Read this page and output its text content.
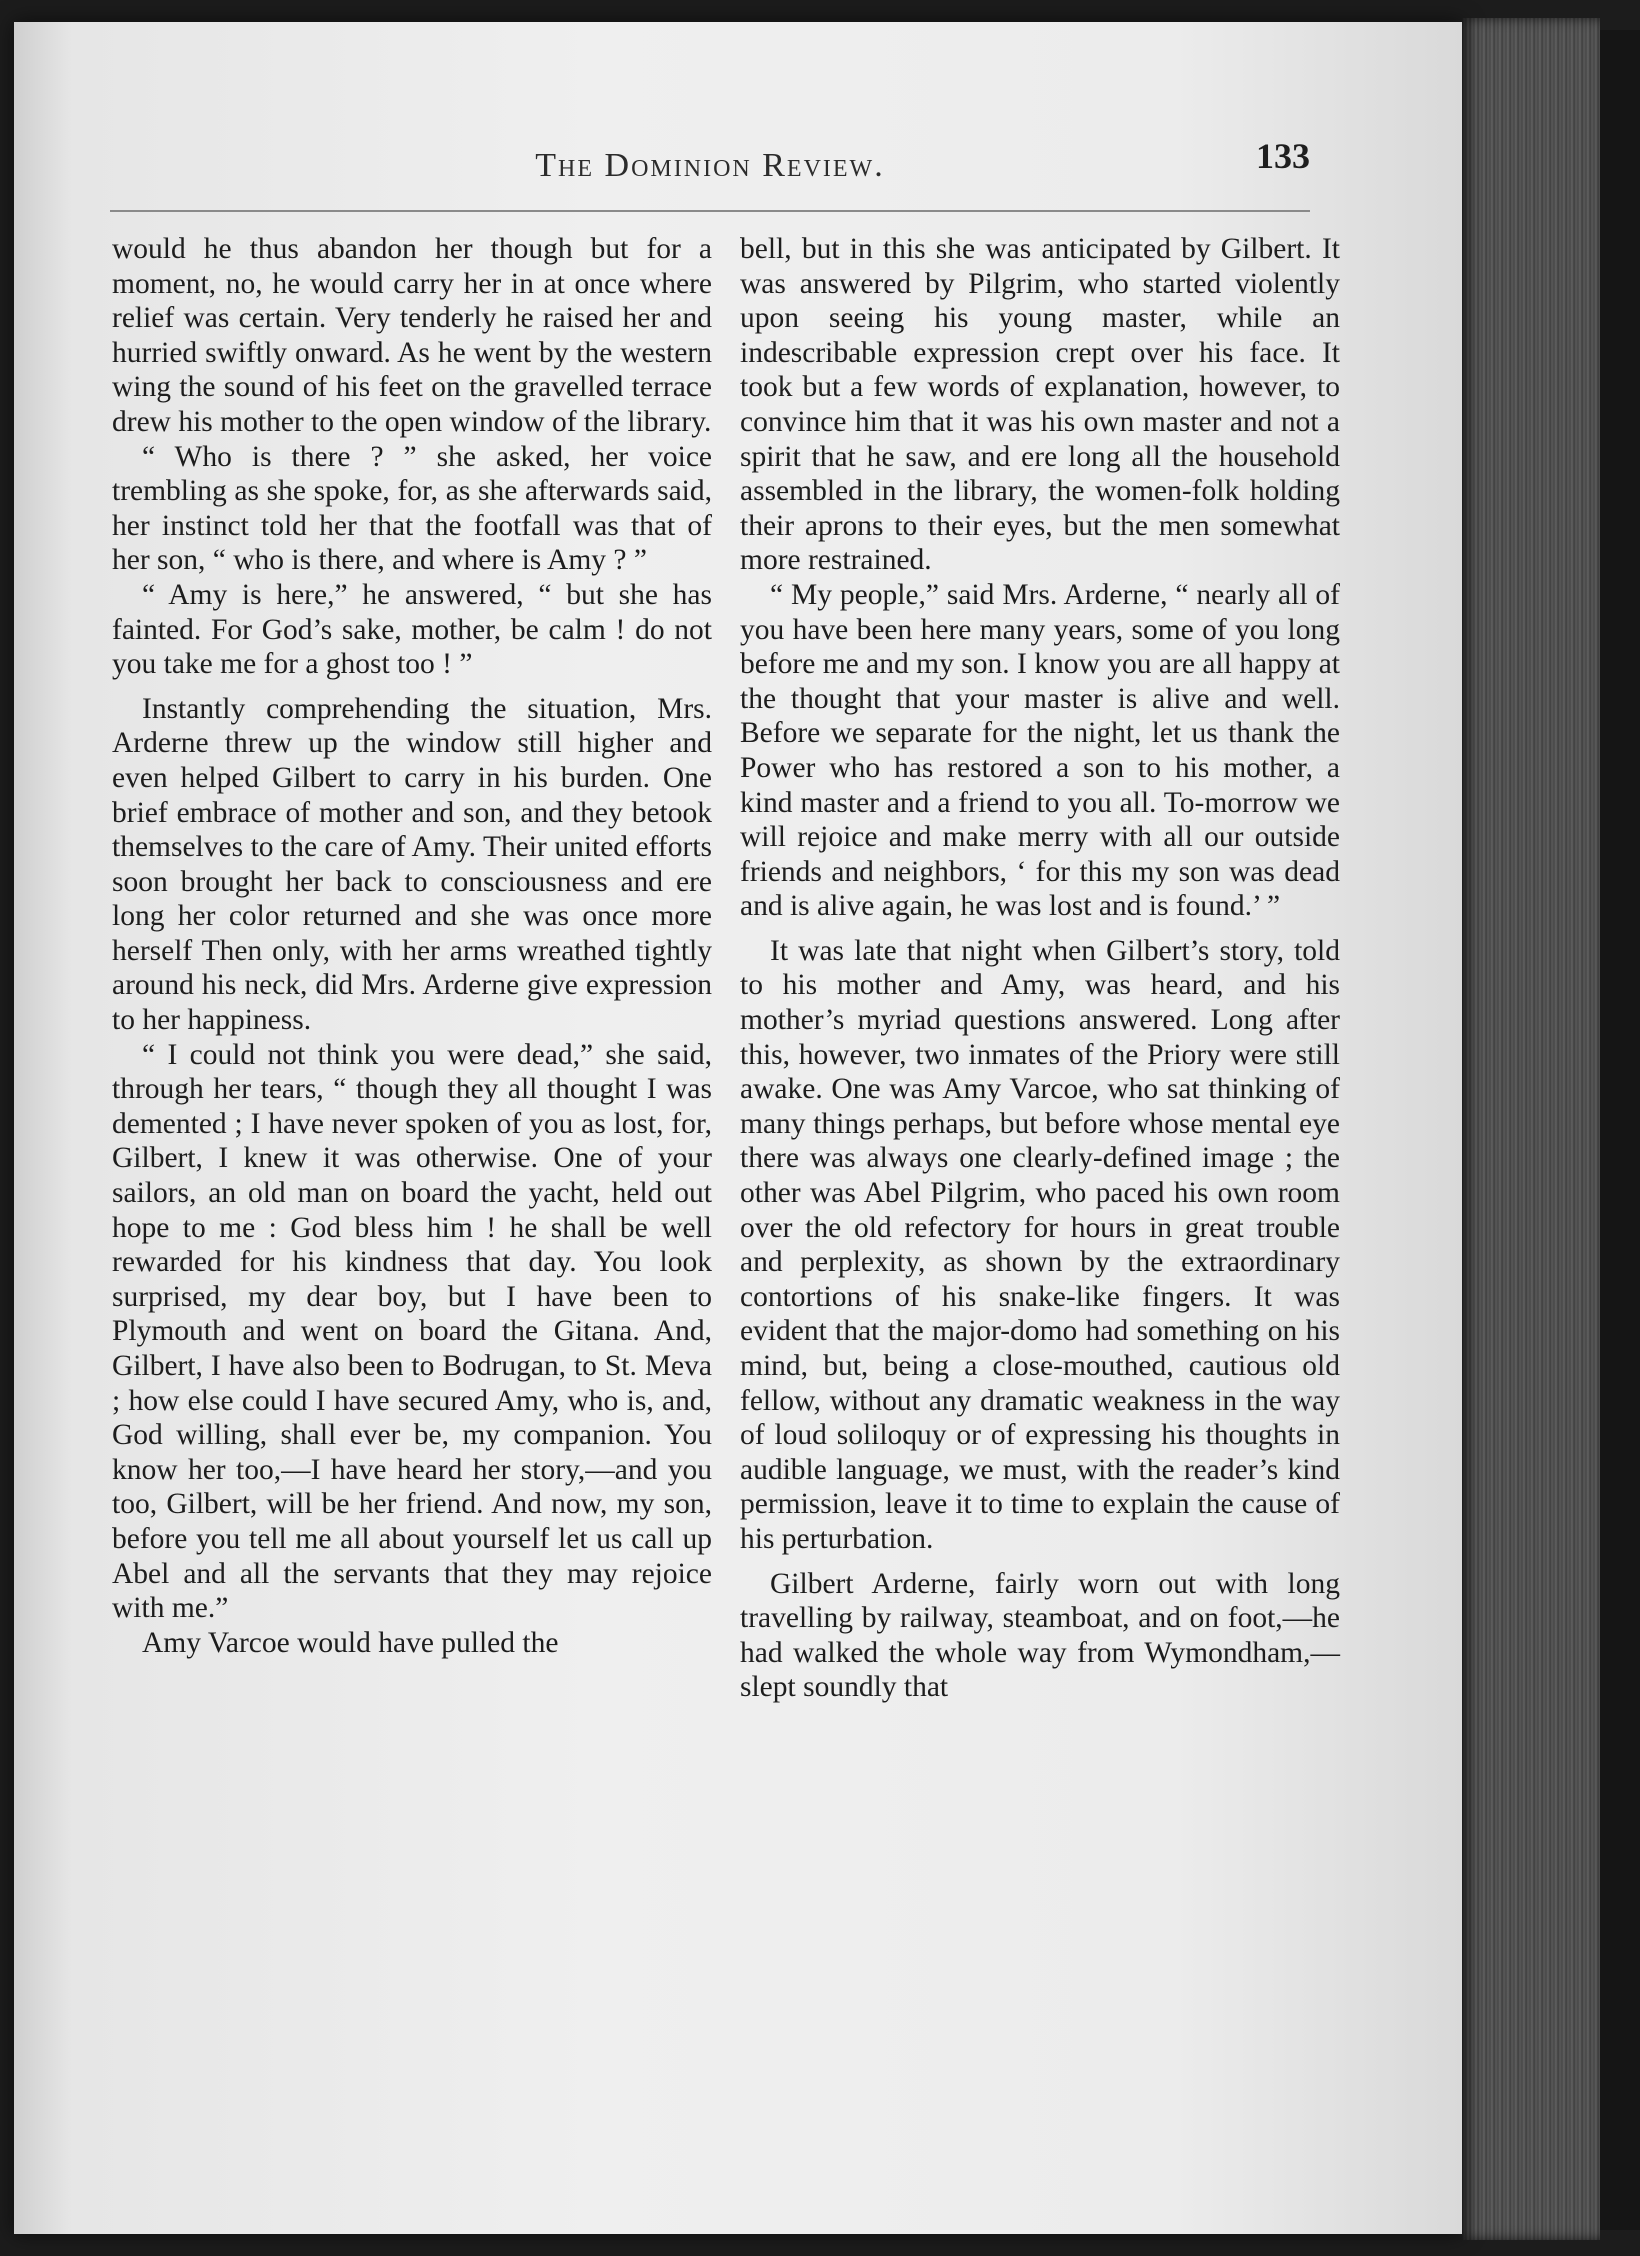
The Dominion Review.	133

would he thus abandon her though but for a moment, no, he would carry her in at once where relief was certain. Very tenderly he raised her and hurried swiftly onward. As he went by the western wing the sound of his feet on the gravelled terrace drew his mother to the open window of the library.

“ Who is there ? ” she asked, her voice trembling as she spoke, for, as she afterwards said, her instinct told her that the footfall was that of her son, “ who is there, and where is Amy ? ”

“ Amy is here,” he answered, “ but she has fainted. For God’s sake, mother, be calm ! do not you take me for a ghost too ! ”

Instantly comprehending the situation, Mrs. Arderne threw up the window still higher and even helped Gilbert to carry in his burden. One brief embrace of mother and son, and they betook themselves to the care of Amy. Their united efforts soon brought her back to consciousness and ere long her color returned and she was once more herself Then only, with her arms wreathed tightly around his neck, did Mrs. Arderne give expression to her happiness.

“ I could not think you were dead,” she said, through her tears, “ though they all thought I was demented ; I have never spoken of you as lost, for, Gilbert, I knew it was otherwise. One of your sailors, an old man on board the yacht, held out hope to me : God bless him ! he shall be well rewarded for his kindness that day. You look surprised, my dear boy, but I have been to Plymouth and went on board the Gitana. And, Gilbert, I have also been to Bodrugan, to St. Meva ; how else could I have secured Amy, who is, and, God willing, shall ever be, my companion. You know her too,—I have heard her story,—and you too, Gilbert, will be her friend. And now, my son, before you tell me all about yourself let us call up Abel and all the servants that they may rejoice with me.”

Amy Varcoe would have pulled the

bell, but in this she was anticipated by Gilbert. It was answered by Pilgrim, who started violently upon seeing his young master, while an indescribable expression crept over his face. It took but a few words of explanation, however, to convince him that it was his own master and not a spirit that he saw, and ere long all the household assembled in the library, the women-folk holding their aprons to their eyes, but the men somewhat more restrained.

“ My people,” said Mrs. Arderne, “ nearly all of you have been here many years, some of you long before me and my son. I know you are all happy at the thought that your master is alive and well. Before we separate for the night, let us thank the Power who has restored a son to his mother, a kind master and a friend to you all. To-morrow we will rejoice and make merry with all our outside friends and neighbors, ‘ for this my son was dead and is alive again, he was lost and is found.’ ”

It was late that night when Gilbert’s story, told to his mother and Amy, was heard, and his mother’s myriad questions answered. Long after this, however, two inmates of the Priory were still awake. One was Amy Varcoe, who sat thinking of many things perhaps, but before whose mental eye there was always one clearly-defined image ; the other was Abel Pilgrim, who paced his own room over the old refectory for hours in great trouble and perplexity, as shown by the extraordinary contortions of his snake-like fingers. It was evident that the major-domo had something on his mind, but, being a close-mouthed, cautious old fellow, without any dramatic weakness in the way of loud soliloquy or of expressing his thoughts in audible language, we must, with the reader’s kind permission, leave it to time to explain the cause of his perturbation.

Gilbert Arderne, fairly worn out with long travelling by railway, steamboat, and on foot,—he had walked the whole way from Wymondham,—slept soundly that
